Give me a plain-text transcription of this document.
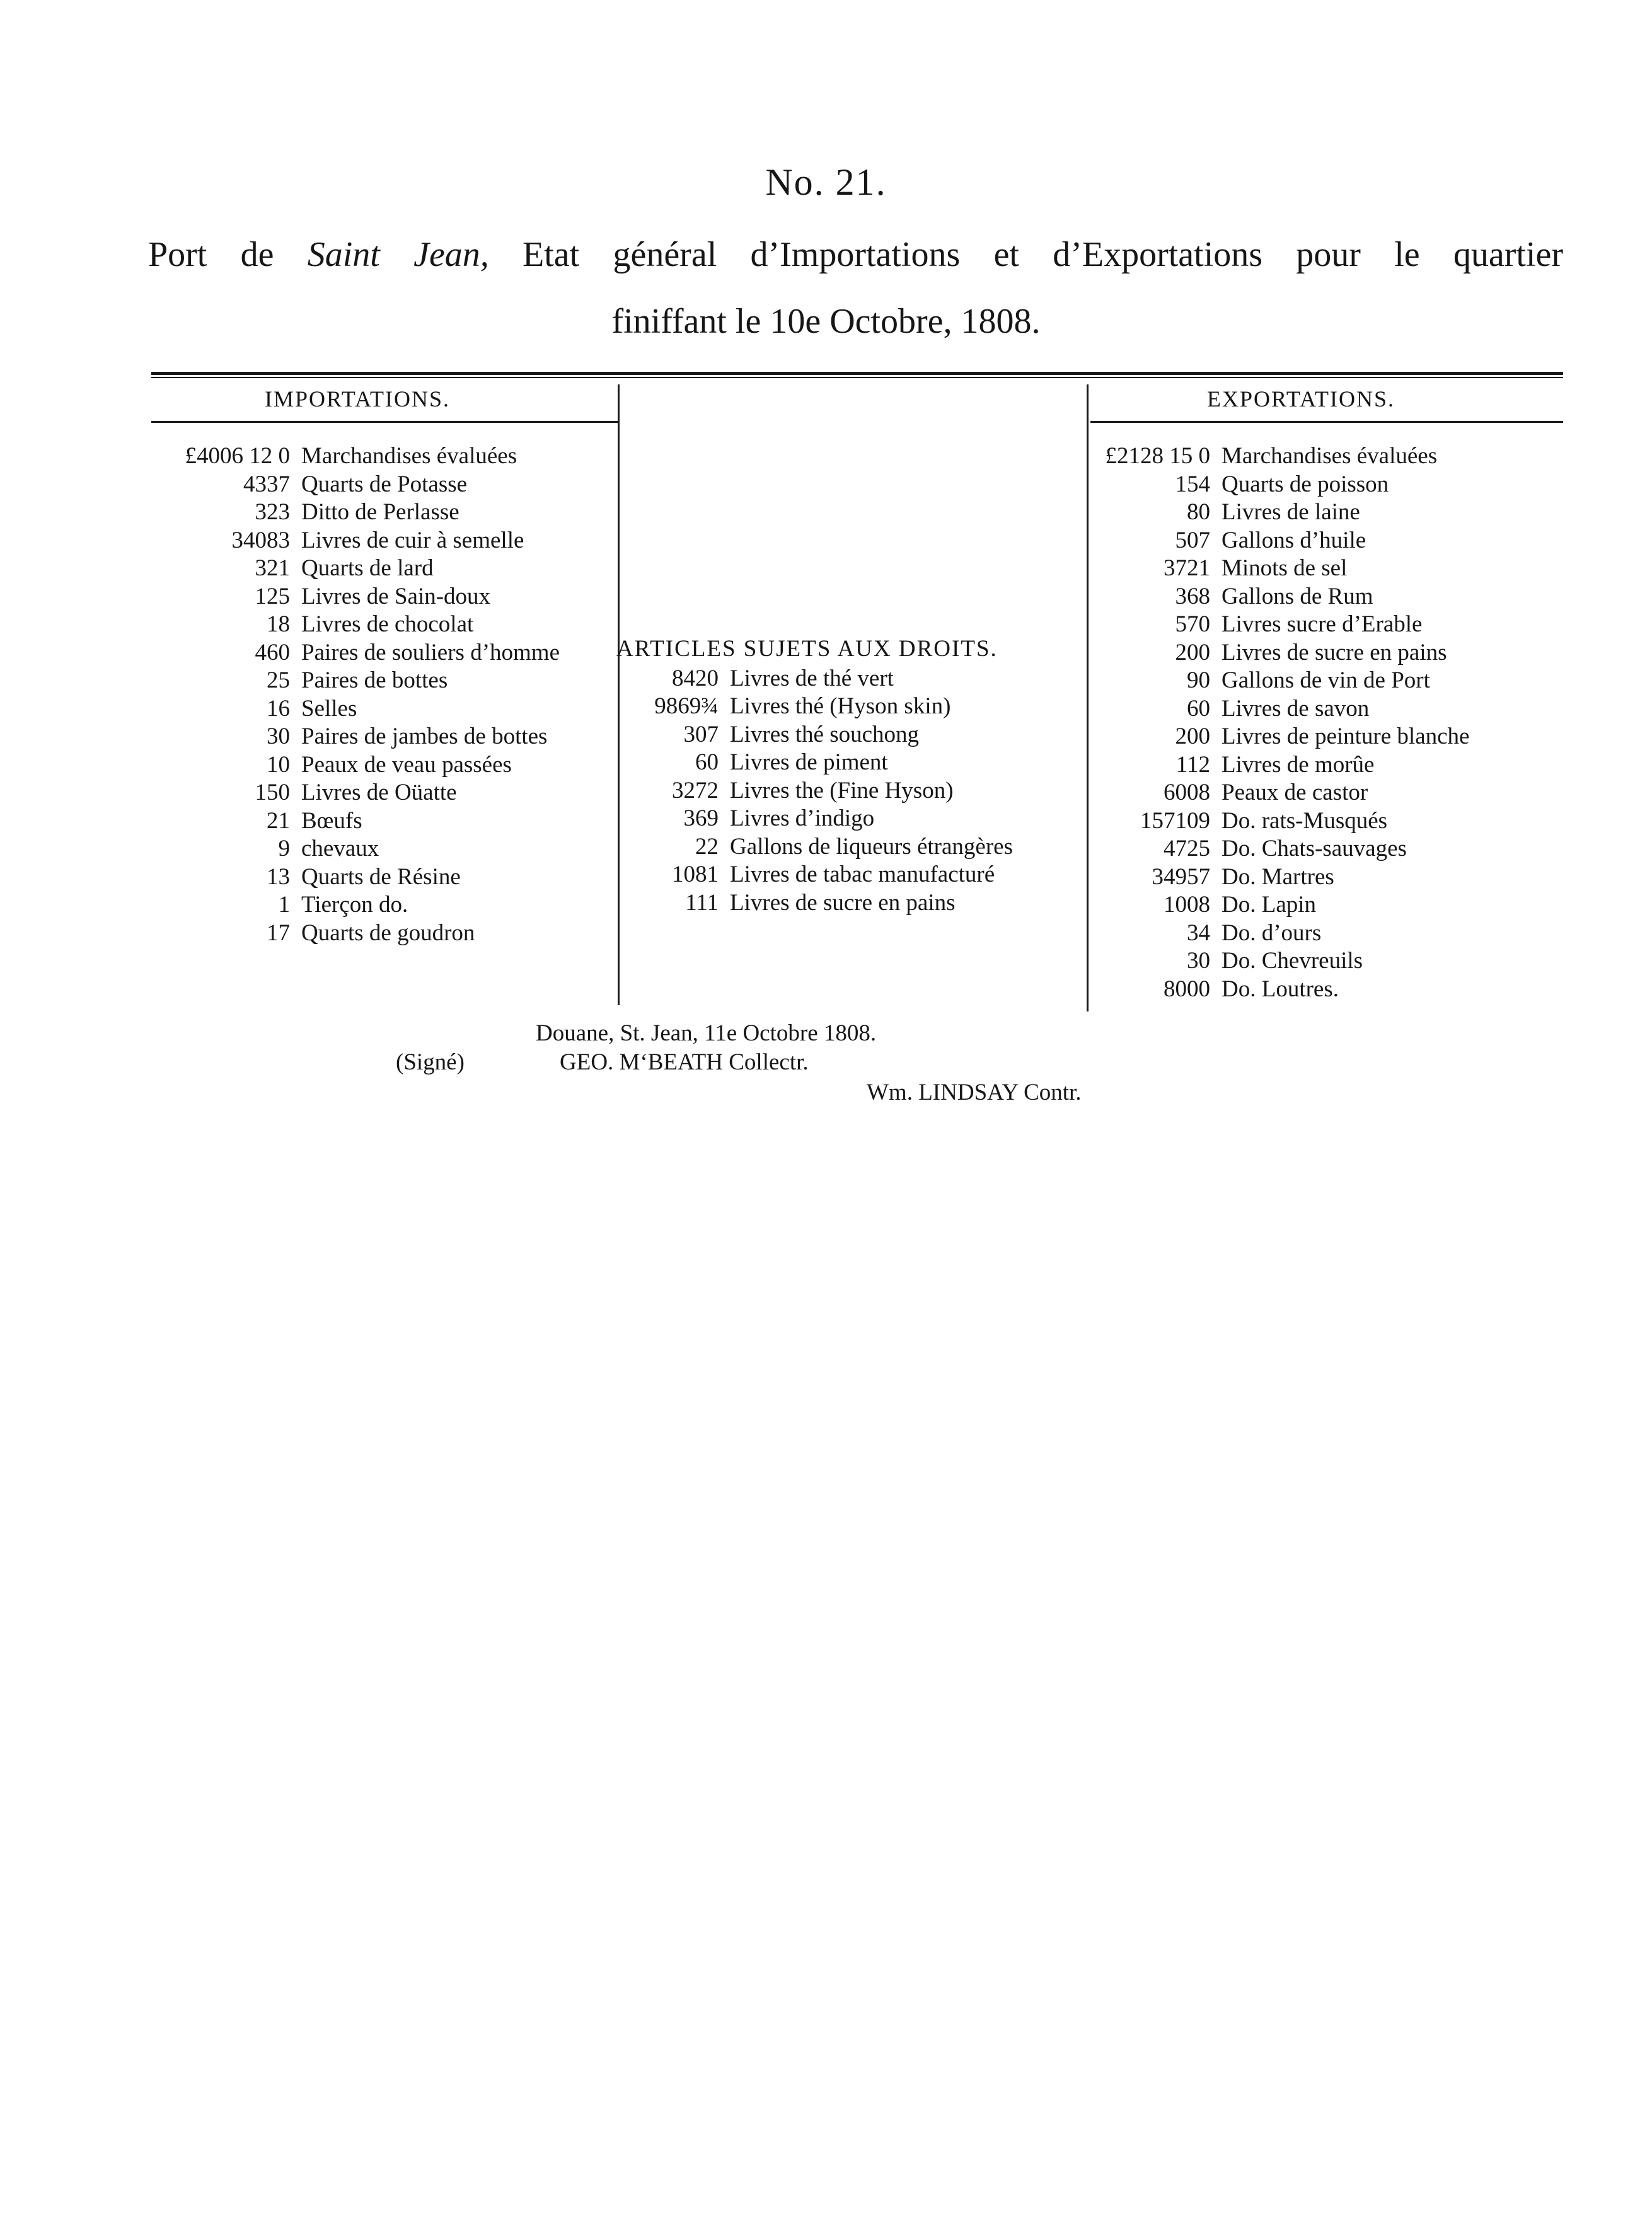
No. 21.
Port de Saint Jean, Etat général d’Importations et d’Exportations pour le quartier
finiffant le 10e Octobre, 1808.
IMPORTATIONS.	EXPORTATIONS.
£4006 12 0 Marchandises évaluées
4337 Quarts de Potasse
323 Ditto de Perlasse
34083 Livres de cuir à semelle
321 Quarts de lard
125 Livres de Sain-doux
18 Livres de chocolat
460 Paires de souliers d’homme
25 Paires de bottes
16 Selles
30 Paires de jambes de bottes
10 Peaux de veau passées
150 Livres de Oüatte
21 Bœufs
9 chevaux
13 Quarts de Résine
1 Tierçon do.
17 Quarts de goudron
ARTICLES SUJETS AUX DROITS.
8420 Livres de thé vert
9869¾ Livres thé (Hyson skin)
307 Livres thé souchong
60 Livres de piment
3272 Livres the (Fine Hyson)
369 Livres d’indigo
22 Gallons de liqueurs étrangères
1081 Livres de tabac manufacturé
111 Livres de sucre en pains
£2128 15 0 Marchandises évaluées
154 Quarts de poisson
80 Livres de laine
507 Gallons d’huile
3721 Minots de sel
368 Gallons de Rum
570 Livres sucre d’Erable
200 Livres de sucre en pains
90 Gallons de vin de Port
60 Livres de savon
200 Livres de peinture blanche
112 Livres de morûe
6008 Peaux de castor
157109 Do. rats-Musqués
4725 Do. Chats-sauvages
34957 Do. Martres
1008 Do. Lapin
34 Do. d’ours
30 Do. Chevreuils
8000 Do. Loutres.
Douane, St. Jean, 11e Octobre 1808.
(Signé)	GEO. M‘BEATH Collectr.
Wm. LINDSAY Contr.
